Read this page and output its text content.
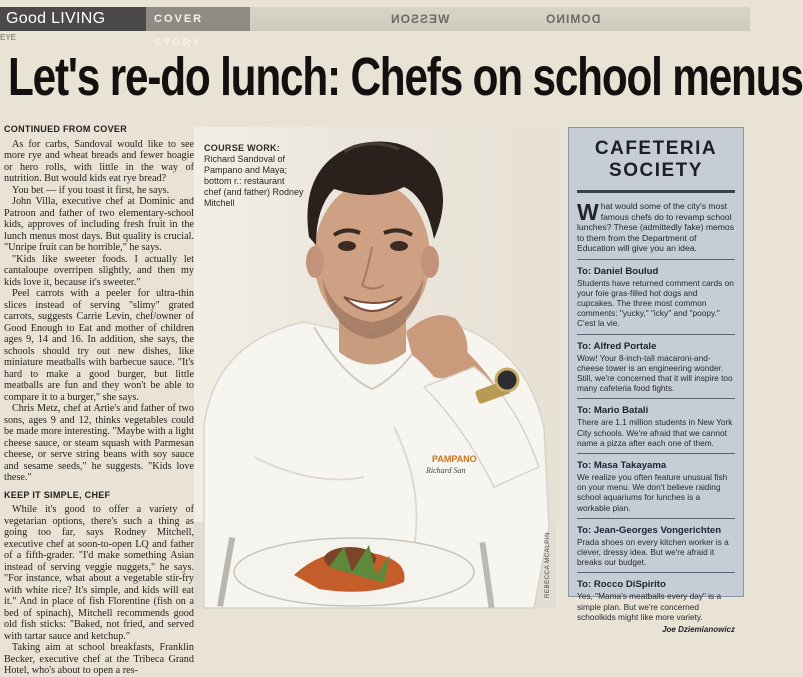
Good LIVING	COVER STORY
WESSON	DOMINO
EYE
Let's re-do lunch: Chefs on school menus

CONTINUED FROM COVER

As for carbs, Sandoval would like to see more rye and wheat breads and fewer hoagie or hero rolls, with little in the way of nutrition. But would kids eat rye bread?

You bet — if you toast it first, he says.

John Villa, executive chef at Dominic and Patroon and father of two elementary-school kids, approves of including fresh fruit in the lunch menus most days. But quality is crucial. "Unripe fruit can be horrible," he says.

"Kids like sweeter foods. I actually let cantaloupe overripen slightly, and then my kids love it, because it's sweeter."

Peel carrots with a peeler for ultra-thin slices instead of serving "slimy" grated carrots, suggests Carrie Levin, chef/owner of Good Enough to Eat and mother of children ages 9, 14 and 16. In addition, she says, the schools should try out new dishes, like miniature meatballs with barbecue sauce. "It's hard to make a good burger, but little meatballs are fun and they won't be able to compare it to a burger," she says.

Chris Metz, chef at Artie's and father of two sons, ages 9 and 12, thinks vegetables could be made more interesting. "Maybe with a light cheese sauce, or steam squash with Parmesan cheese, or serve string beans with soy sauce and sesame seeds," he suggests. "Kids love these."

KEEP IT SIMPLE, CHEF

While it's good to offer a variety of vegetarian options, there's such a thing as going too far, says Rodney Mitchell, executive chef at soon-to-open LQ and father of a fifth-grader. "I'd make something Asian instead of serving veggie nuggets," he says. "For instance, what about a vegetable stir-fry with white rice? It's simple, and kids will eat it." And in place of fish Florentine (fish on a bed of spinach), Mitchell recommends good old fish sticks: "Baked, not fried, and served with tartar sauce and ketchup."

Taking aim at school breakfasts, Franklin Becker, executive chef at the Tribeca Grand Hotel, who's about to open a res-

PAMPANO
Richard San
COURSE WORK:
Richard Sandoval of Pampano and Maya; bottom r.: restaurant chef (and father) Rodney Mitchell
REBECCA MCALPIN
CAFETERIA
SOCIETY
What would some of the city's most famous chefs do to revamp school lunches? These (admittedly fake) memos to them from the Department of Education will give you an idea.
To: Daniel Boulud
Students have returned comment cards on your foie gras-filled hot dogs and cupcakes. The three most common comments: "yucky," "icky" and "poopy." C'est la vie.
To: Alfred Portale
Wow! Your 8-inch-tall macaroni-and-cheese tower is an engineering wonder. Still, we're concerned that it will inspire too many cafeteria food fights.
To: Mario Batali
There are 1.1 million students in New York City schools. We're afraid that we cannot name a pizza after each one of them.
To: Masa Takayama
We realize you often feature unusual fish on your menu. We don't believe raiding school aquariums for lunches is a workable plan.
To: Jean-Georges Vongerichten
Prada shoes on every kitchen worker is a clever, dressy idea. But we're afraid it breaks our budget.
To: Rocco DiSpirito
Yes, "Mama's meatballs every day" is a simple plan. But we're concerned schoolkids might like more variety.
Joe Dziemianowicz
